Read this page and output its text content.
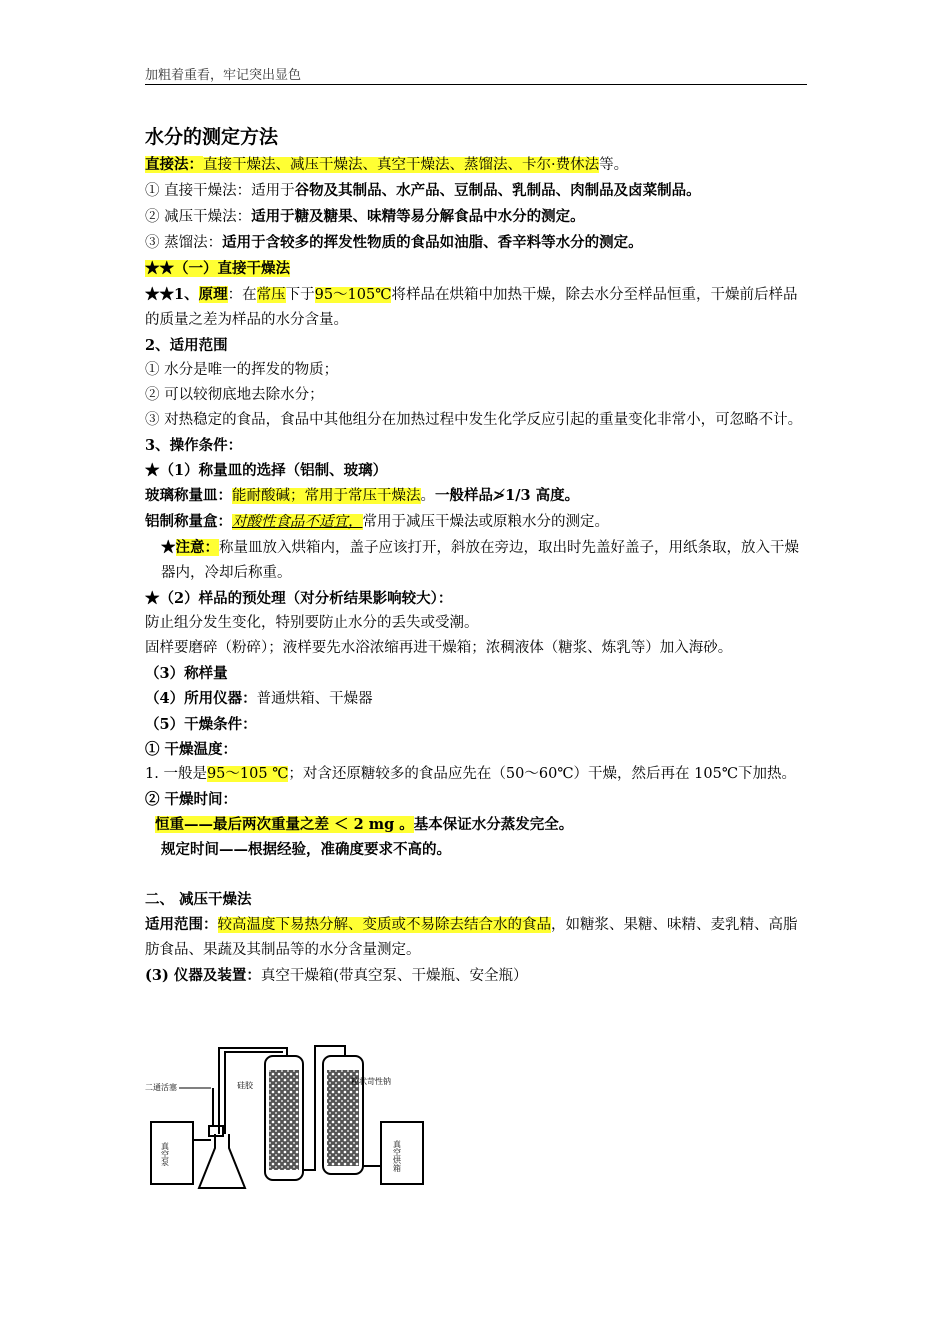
加粗着重看，牢记突出显色
水分的测定方法
直接法：直接干燥法、减压干燥法、真空干燥法、蒸馏法、卡尔·费休法等。
① 直接干燥法：适用于谷物及其制品、水产品、豆制品、乳制品、肉制品及卤菜制品。
② 减压干燥法：适用于糖及糖果、味精等易分解食品中水分的测定。
③ 蒸馏法：适用于含较多的挥发性物质的食品如油脂、香辛料等水分的测定。
★★（一）直接干燥法
★★1、原理：在常压下于95～105℃将样品在烘箱中加热干燥，除去水分至样品恒重，干燥前后样品的质量之差为样品的水分含量。
2、适用范围
① 水分是唯一的挥发的物质；
② 可以较彻底地去除水分；
③ 对热稳定的食品，食品中其他组分在加热过程中发生化学反应引起的重量变化非常小，可忽略不计。
3、操作条件：
★（1）称量皿的选择（铝制、玻璃）
玻璃称量皿：能耐酸碱；常用于常压干燥法。一般样品≯1/3 高度。
铝制称量盒：对酸性食品不适宜，常用于减压干燥法或原粮水分的测定。
★注意：称量皿放入烘箱内，盖子应该打开，斜放在旁边，取出时先盖好盖子，用纸条取，放入干燥器内，冷却后称重。
★（2）样品的预处理（对分析结果影响较大）：
防止组分发生变化，特别要防止水分的丢失或受潮。
固样要磨碎（粉碎）；液样要先水浴浓缩再进干燥箱；浓稠液体（糖浆、炼乳等）加入海砂。
（3）称样量
（4）所用仪器：普通烘箱、干燥器
（5）干燥条件：
① 干燥温度：
1. 一般是95～105 ℃；对含还原糖较多的食品应先在（50～60℃）干燥，然后再在 105℃下加热。
② 干燥时间：
恒重——最后两次重量之差 ＜ 2 mg 。基本保证水分蒸发完全。
规定时间——根据经验，准确度要求不高的。
二、 减压干燥法
适用范围：较高温度下易热分解、变质或不易除去结合水的食品，如糖浆、果糖、味精、麦乳精、高脂肪食品、果蔬及其制品等的水分含量测定。
(3) 仪器及装置：真空干燥箱(带真空泵、干燥瓶、安全瓶）
二通活塞
真空泵
硅胶	粒状苛性钠
真空烘箱
